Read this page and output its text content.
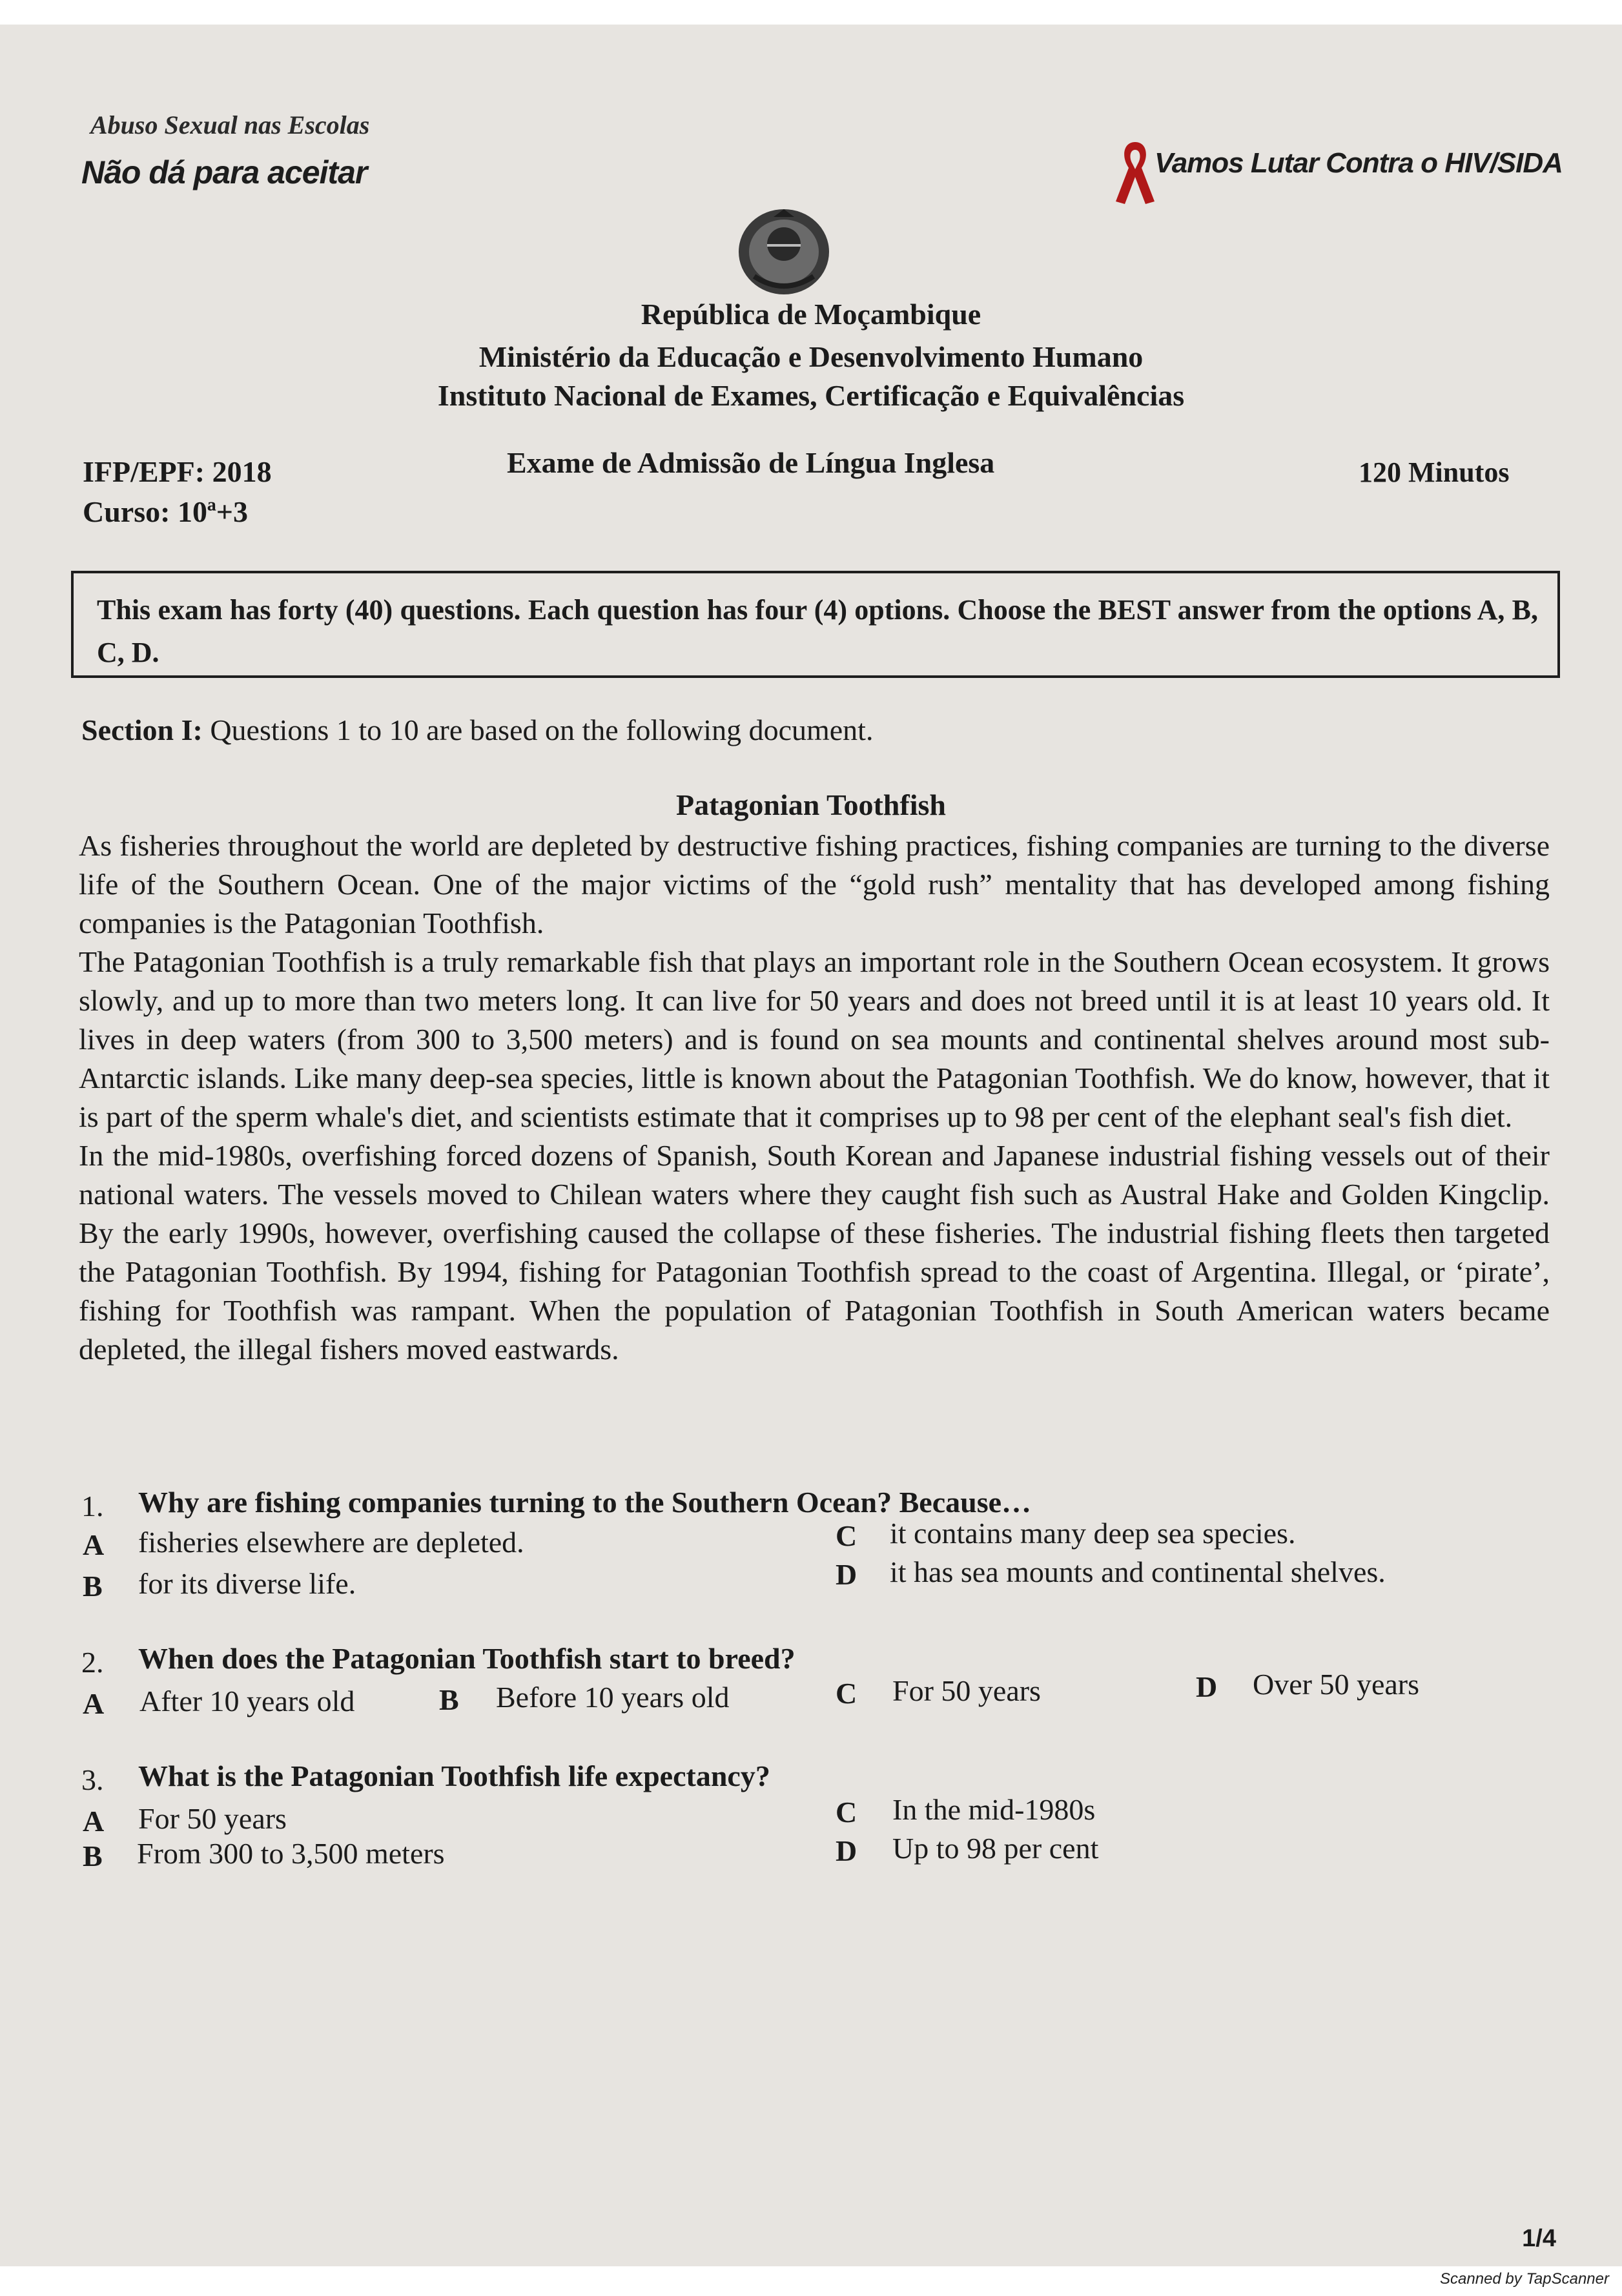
Abuso Sexual nas Escolas
Não dá para aceitar	Vamos Lutar Contra o HIV/SIDA
República de Moçambique
Ministério da Educação e Desenvolvimento Humano
Instituto Nacional de Exames, Certificação e Equivalências
IFP/EPF: 2018
Curso: 10ª+3
Exame de Admissão de Língua Inglesa	120 Minutos
This exam has forty (40) questions. Each question has four (4) options. Choose the BEST answer from the options A, B, C, D.
Section I: Questions 1 to 10 are based on the following document.
Patagonian Toothfish

As fisheries throughout the world are depleted by destructive fishing practices, fishing companies are turning to the diverse life of the Southern Ocean. One of the major victims of the “gold rush” mentality that has developed among fishing companies is the Patagonian Toothfish.

The Patagonian Toothfish is a truly remarkable fish that plays an important role in the Southern Ocean ecosystem. It grows slowly, and up to more than two meters long. It can live for 50 years and does not breed until it is at least 10 years old. It lives in deep waters (from 300 to 3,500 meters) and is found on sea mounts and continental shelves around most sub-Antarctic islands. Like many deep-sea species, little is known about the Patagonian Toothfish. We do know, however, that it is part of the sperm whale's diet, and scientists estimate that it comprises up to 98 per cent of the elephant seal's fish diet.

In the mid-1980s, overfishing forced dozens of Spanish, South Korean and Japanese industrial fishing vessels out of their national waters. The vessels moved to Chilean waters where they caught fish such as Austral Hake and Golden Kingclip. By the early 1990s, however, overfishing caused the collapse of these fisheries. The industrial fishing fleets then targeted the Patagonian Toothfish. By 1994, fishing for Patagonian Toothfish spread to the coast of Argentina. Illegal, or ‘pirate’, fishing for Toothfish was rampant. When the population of Patagonian Toothfish in South American waters became depleted, the illegal fishers moved eastwards.

1. Why are fishing companies turning to the Southern Ocean? Because…
A fisheries elsewhere are depleted.
B for its diverse life.
C it contains many deep sea species.
D it has sea mounts and continental shelves.
2. When does the Patagonian Toothfish start to breed?
A After 10 years old	B Before 10 years old	C For 50 years	D Over 50 years
3. What is the Patagonian Toothfish life expectancy?
A For 50 years
B From 300 to 3,500 meters
C In the mid-1980s
D Up to 98 per cent
1/4
Scanned by TapScanner
